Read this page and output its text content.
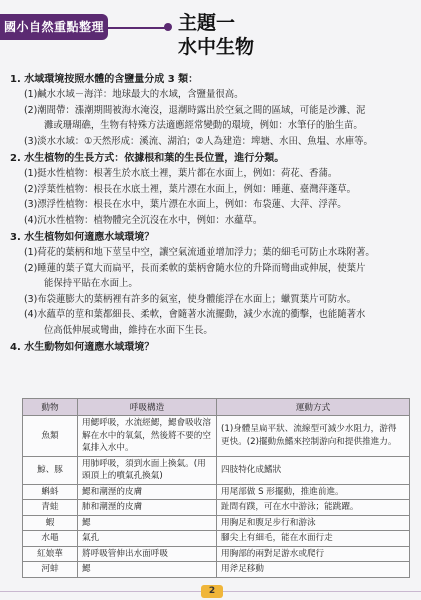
國小自然重點整理	主題一
水中生物
1. 水域環境按照水體的含鹽量分成 3 類：
(1)鹹水水域－海洋：地球最大的水域，含鹽量很高。
(2)潮間帶：漲潮期間被海水淹沒，退潮時露出於空氣之間的區域，可能是沙灘、泥
灘或珊瑚礁，生物有特殊方法適應經常變動的環境，例如：水筆仔的胎生苗。
(3)淡水水域：①天然形成：溪流、湖泊；②人為建造：埤塘、水田、魚塭、水庫等。
2. 水生植物的生長方式：依據根和葉的生長位置，進行分類。
(1)挺水性植物：根著生於水底土裡，葉片都在水面上，例如：荷花、香蒲。
(2)浮葉性植物：根長在水底土裡，葉片漂在水面上，例如：睡蓮、臺灣萍蓬草。
(3)漂浮性植物：根長在水中，葉片漂在水面上，例如：布袋蓮、大萍、浮萍。
(4)沉水性植物：植物體完全沉沒在水中，例如：水蘊草。
3. 水生植物如何適應水域環境？
(1)荷花的葉柄和地下莖呈中空，讓空氣流通並增加浮力；葉的細毛可防止水珠附著。
(2)睡蓮的葉子寬大而扁平，長而柔軟的葉柄會隨水位的升降而彎曲或伸展，使葉片
能保持平貼在水面上。
(3)布袋蓮膨大的葉柄裡有許多的氣室，使身體能浮在水面上；蠟質葉片可防水。
(4)水蘊草的莖和葉都細長、柔軟，會隨著水流擺動，減少水流的衝擊，也能隨著水
位高低伸展或彎曲，維持在水面下生長。
4. 水生動物如何適應水域環境？
動物	呼吸構造	運動方式
魚類	用鰓呼吸，水流經鰓，鰓會吸收溶解在水中的氧氣，然後將不要的空氣排入水中。	(1)身體呈扁平狀、流線型可減少水阻力，游得更快。(2)擺動魚鰭來控制游向和提供推進力。
鯨、豚	用肺呼吸，須到水面上換氣。(用頭頂上的噴氣孔換氣)	四肢特化成鰭狀
蝌蚪	鰓和潮溼的皮膚	用尾部做 S 形擺動，推進前進。
青蛙	肺和潮溼的皮膚	趾間有蹼，可在水中游泳；能跳躍。
蝦	鰓	用胸足和腹足步行和游泳
水黽	氣孔	腳尖上有細毛，能在水面行走
紅娘華	將呼吸管伸出水面呼吸	用胸部的兩對足游水或爬行
河蚌	鰓	用斧足移動
2
